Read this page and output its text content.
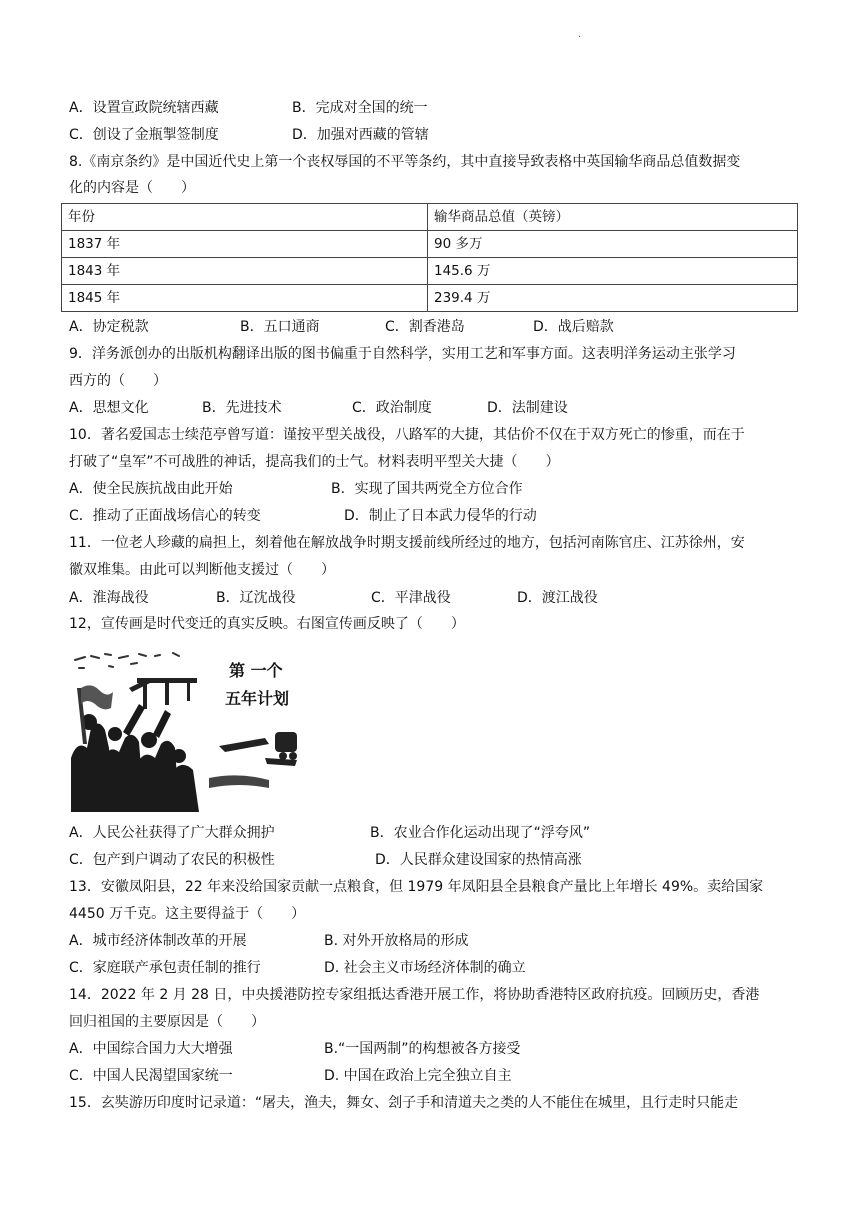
·
A．设置宣政院统辖西藏	B．完成对全国的统一
C．创设了金瓶掣签制度	D．加强对西藏的管辖
8.《南京条约》是中国近代史上第一个丧权辱国的不平等条约，其中直接导致表格中英国输华商品总值数据变
化的内容是（　　）
年份	输华商品总值（英镑）
1837 年	90 多万
1843 年	145.6 万
1845 年	239.4 万
A．协定税款	B．五口通商	C．割香港岛	D．战后赔款
9．洋务派创办的出版机构翻译出版的图书偏重于自然科学，实用工艺和军事方面。这表明洋务运动主张学习
西方的（　　）
A．思想文化	B．先进技术	C．政治制度	D．法制建设
10．著名爱国志士续范亭曾写道：谨按平型关战役，八路军的大捷，其估价不仅在于双方死亡的惨重，而在于
打破了“皇军”不可战胜的神话，提高我们的士气。材料表明平型关大捷（　　）
A．使全民族抗战由此开始	B．实现了国共两党全方位合作
C．推动了正面战场信心的转变	D．制止了日本武力侵华的行动
11．一位老人珍藏的扁担上，刻着他在解放战争时期支援前线所经过的地方，包括河南陈官庄、江苏徐州，安
徽双堆集。由此可以判断他支援过（　　）
A．淮海战役	B．辽沈战役	C．平津战役	D．渡江战役
12，宣传画是时代变迁的真实反映。右图宣传画反映了（　　）
第 一个
五年计划
A．人民公社获得了广大群众拥护	B．农业合作化运动出现了“浮夸风”
C．包产到户调动了农民的积极性	D．人民群众建设国家的热情高涨
13．安徽凤阳县，22 年来没给国家贡献一点粮食，但 1979 年凤阳县全县粮食产量比上年增长 49%。卖给国家
4450 万千克。这主要得益于（　　）
A．城市经济体制改革的开展	B. 对外开放格局的形成
C．家庭联产承包责任制的推行	D. 社会主义市场经济体制的确立
14．2022 年 2 月 28 日，中央援港防控专家组抵达香港开展工作，将协助香港特区政府抗疫。回顾历史，香港
回归祖国的主要原因是（　　）
A．中国综合国力大大增强	B.“一国两制”的构想被各方接受
C．中国人民渴望国家统一	D. 中国在政治上完全独立自主
15．玄奘游历印度时记录道：“屠夫，渔夫，舞女、刽子手和清道夫之类的人不能住在城里，且行走时只能走
